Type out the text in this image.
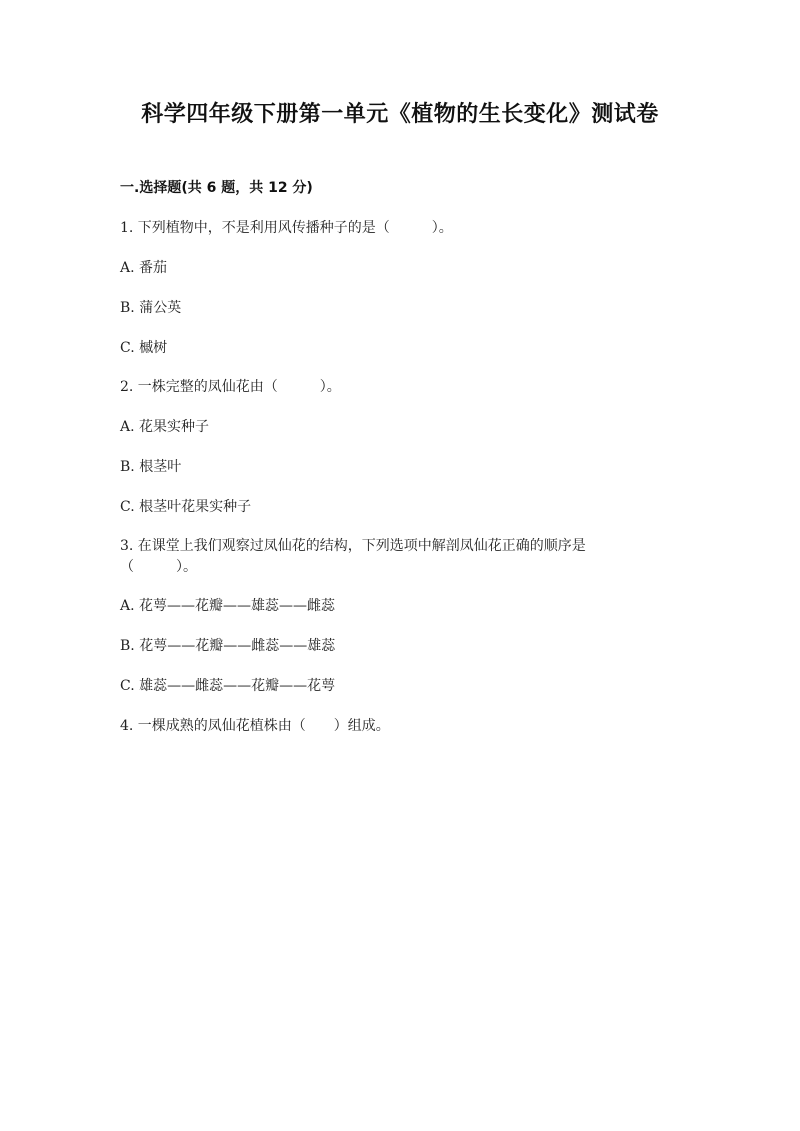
科学四年级下册第一单元《植物的生长变化》测试卷
一.选择题(共 6 题，共 12 分)
1. 下列植物中，不是利用风传播种子的是（　　　）。
A. 番茄
B. 蒲公英
C. 槭树
2. 一株完整的凤仙花由（　　　）。
A. 花果实种子
B. 根茎叶
C. 根茎叶花果实种子
3. 在课堂上我们观察过凤仙花的结构，下列选项中解剖凤仙花正确的顺序是
（　　　）。
A. 花萼——花瓣——雄蕊——雌蕊
B. 花萼——花瓣——雌蕊——雄蕊
C. 雄蕊——雌蕊——花瓣——花萼
4. 一棵成熟的凤仙花植株由（　　）组成。
